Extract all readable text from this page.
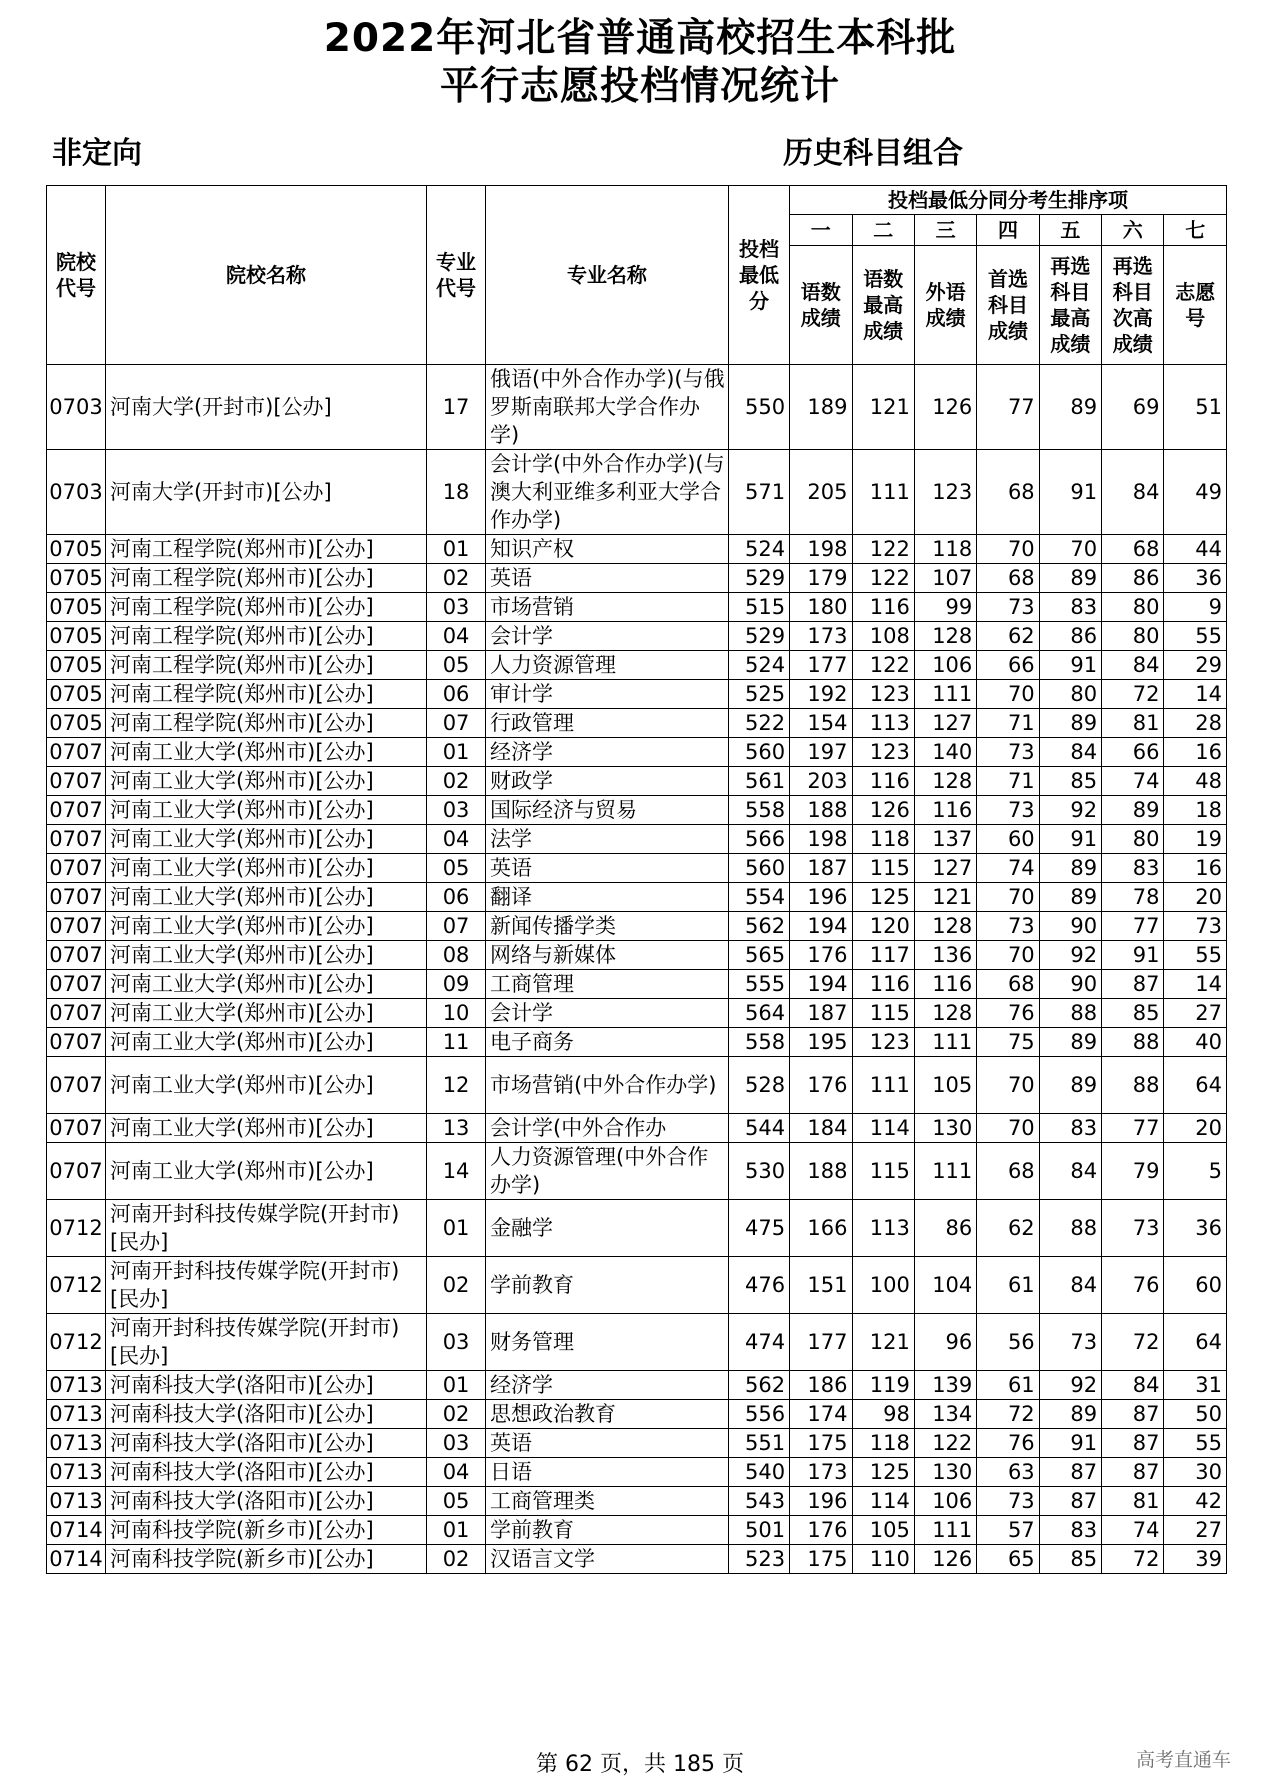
2022年河北省普通高校招生本科批
平行志愿投档情况统计
非定向	历史科目组合
院校代号	院校名称	专业代号	专业名称	投档最低分	投档最低分同分考生排序项						
					一	二	三	四	五	六	七
					语数成绩	语数最高成绩	外语成绩	首选科目成绩	再选科目最高成绩	再选科目次高成绩	志愿号
0703	河南大学(开封市)[公办]	17	俄语(中外合作办学)(与俄罗斯南联邦大学合作办学)	550	189	121	126	77	89	69	51
0703	河南大学(开封市)[公办]	18	会计学(中外合作办学)(与澳大利亚维多利亚大学合作办学)	571	205	111	123	68	91	84	49
0705	河南工程学院(郑州市)[公办]	01	知识产权	524	198	122	118	70	70	68	44
0705	河南工程学院(郑州市)[公办]	02	英语	529	179	122	107	68	89	86	36
0705	河南工程学院(郑州市)[公办]	03	市场营销	515	180	116	99	73	83	80	9
0705	河南工程学院(郑州市)[公办]	04	会计学	529	173	108	128	62	86	80	55
0705	河南工程学院(郑州市)[公办]	05	人力资源管理	524	177	122	106	66	91	84	29
0705	河南工程学院(郑州市)[公办]	06	审计学	525	192	123	111	70	80	72	14
0705	河南工程学院(郑州市)[公办]	07	行政管理	522	154	113	127	71	89	81	28
0707	河南工业大学(郑州市)[公办]	01	经济学	560	197	123	140	73	84	66	16
0707	河南工业大学(郑州市)[公办]	02	财政学	561	203	116	128	71	85	74	48
0707	河南工业大学(郑州市)[公办]	03	国际经济与贸易	558	188	126	116	73	92	89	18
0707	河南工业大学(郑州市)[公办]	04	法学	566	198	118	137	60	91	80	19
0707	河南工业大学(郑州市)[公办]	05	英语	560	187	115	127	74	89	83	16
0707	河南工业大学(郑州市)[公办]	06	翻译	554	196	125	121	70	89	78	20
0707	河南工业大学(郑州市)[公办]	07	新闻传播学类	562	194	120	128	73	90	77	73
0707	河南工业大学(郑州市)[公办]	08	网络与新媒体	565	176	117	136	70	92	91	55
0707	河南工业大学(郑州市)[公办]	09	工商管理	555	194	116	116	68	90	87	14
0707	河南工业大学(郑州市)[公办]	10	会计学	564	187	115	128	76	88	85	27
0707	河南工业大学(郑州市)[公办]	11	电子商务	558	195	123	111	75	89	88	40
0707	河南工业大学(郑州市)[公办]	12	市场营销(中外合作办学)	528	176	111	105	70	89	88	64
0707	河南工业大学(郑州市)[公办]	13	会计学(中外合作办	544	184	114	130	70	83	77	20
0707	河南工业大学(郑州市)[公办]	14	人力资源管理(中外合作办学)	530	188	115	111	68	84	79	5
0712	河南开封科技传媒学院(开封市)[民办]	01	金融学	475	166	113	86	62	88	73	36
0712	河南开封科技传媒学院(开封市)[民办]	02	学前教育	476	151	100	104	61	84	76	60
0712	河南开封科技传媒学院(开封市)[民办]	03	财务管理	474	177	121	96	56	73	72	64
0713	河南科技大学(洛阳市)[公办]	01	经济学	562	186	119	139	61	92	84	31
0713	河南科技大学(洛阳市)[公办]	02	思想政治教育	556	174	98	134	72	89	87	50
0713	河南科技大学(洛阳市)[公办]	03	英语	551	175	118	122	76	91	87	55
0713	河南科技大学(洛阳市)[公办]	04	日语	540	173	125	130	63	87	87	30
0713	河南科技大学(洛阳市)[公办]	05	工商管理类	543	196	114	106	73	87	81	42
0714	河南科技学院(新乡市)[公办]	01	学前教育	501	176	105	111	57	83	74	27
0714	河南科技学院(新乡市)[公办]	02	汉语言文学	523	175	110	126	65	85	72	39
第 62 页，共 185 页	高考直通车
